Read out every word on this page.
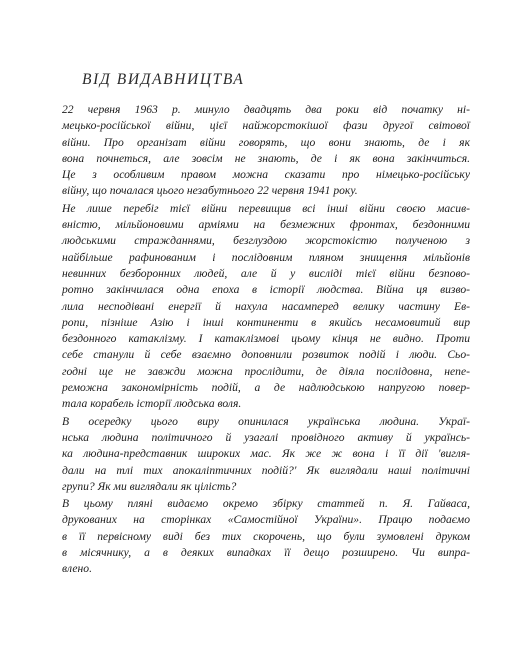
ВІД ВИДАВНИЦТВА

22 червня 1963 р. минуло двадцять два роки від початку ні-
мецько-російської війни, цієї найжорстокішої фази другої світової
війни. Про організат війни говорять, що вони знають, де і як
вона почнеться, але зовсім не знають, де і як вона закінчиться.
Це з особливим правом можна сказати про німецько-російську
війну, що почалася цього незабутнього 22 червня 1941 року.

Не лише перебіг тієї війни перевищив всі інші війни своєю масив-
вністю, мільйоновими арміями на безмежних фронтах, бездонними
людськими стражданнями, безглуздою жорстокістю полученою з
найбільше рафинованим і послідовним пляном знищення мільйонів
невинних безборонних людей, але й у висліді тієї війни безпово-
ротно закінчилася одна епоха в історії людства. Війна ця визво-
лила несподівані енергії й нахула насамперед велику частину Ев-
ропи, пізніше Азію і інші континенти в якийсь несамовитий вир
бездонного катаклізму. І катаклізмові цьому кінця не видно. Проти
себе станули й себе взаємно доповнили розвиток подій і люди. Сьо-
годні ще не завжди можна прослідити, де діяла послідовна, непе-
реможна закономірність подій, а де надлюдською напругою повер-
тала корабель історії людська воля.

В осередку цього виру опинилася українська людина. Украї-
нська людина політичного й узагалі провідного активу й українсь-
ка людина-представник широких мас. Як же ж вона і її дії 'вигля-
дали на тлі тих апокаліптичних подій?' Як виглядали наші політичні
групи? Як ми виглядали як цілість?

В цьому пляні видаємо окремо збірку статтей п. Я. Гайваса,
друкованих на сторінках «Самостійної України». Працю подаємо
в її первісному виді без тих скорочень, що були зумовлені друком
в місячнику, а в деяких випадках її дещо розширено. Чи випра-
влено.
